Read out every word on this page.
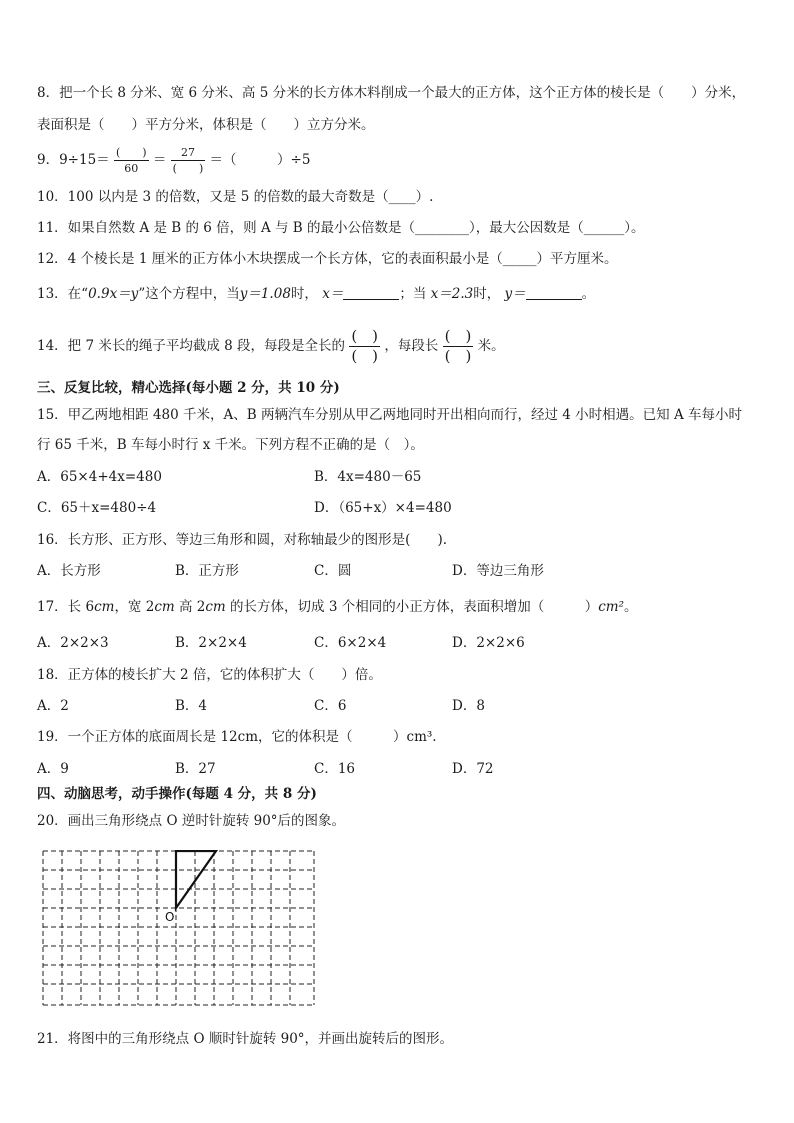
8．把一个长 8 分米、宽 6 分米、高 5 分米的长方体木料削成一个最大的正方体，这个正方体的棱长是（　　）分米，
表面积是（　　）平方分米，体积是（　　）立方分米。
9．$9\div 15= \frac{( )}{60} = \frac{27}{( )}$ ＝（　　　）÷5
10．100 以内是 3 的倍数，又是 5 的倍数的最大奇数是（____）.
11．如果自然数 A 是 B 的 6 倍，则 A 与 B 的最小公倍数是（________），最大公因数是（______）。
12．4 个棱长是 1 厘米的正方体小木块摆成一个长方体，它的表面积最小是（_____）平方厘米。
13．在“0.9x＝y”这个方程中，当y＝1.08时， x＝	；当 x＝2.3时， y＝	。
14．把 7 米长的绳子平均截成 8 段，每段是全长的 $\frac{( )}{( )}$ ，每段长 $\frac{( )}{( )}$ 米。
三、反复比较，精心选择(每小题 2 分，共 10 分)
15．甲乙两地相距 480 千米，A、B 两辆汽车分别从甲乙两地同时开出相向而行，经过 4 小时相遇。已知 A 车每小时
行 65 千米，B 车每小时行 x 千米。下列方程不正确的是（　）。
A．65×4+4x=480	B．4x=480－65
C．65＋x=480÷4	D．（65+x）×4=480
16．长方形、正方形、等边三角形和圆，对称轴最少的图形是(　　).
A．长方形	B．正方形	C．圆	D．等边三角形
17．长 6cm，宽 2cm 高 2cm 的长方体，切成 3 个相同的小正方体，表面积增加（　　　）cm²。
A．2×2×3	B．2×2×4	C．6×2×4	D．2×2×6
18．正方体的棱长扩大 2 倍，它的体积扩大（　　）倍。
A．2	B．4	C．6	D．8
19．一个正方体的底面周长是 12cm，它的体积是（　　　）cm³.
A．9	B．27	C．16	D．72
四、动脑思考，动手操作(每题 4 分，共 8 分)
20．画出三角形绕点 O 逆时针旋转 90°后的图象。
O
21．将图中的三角形绕点 O 顺时针旋转 90°，并画出旋转后的图形。
